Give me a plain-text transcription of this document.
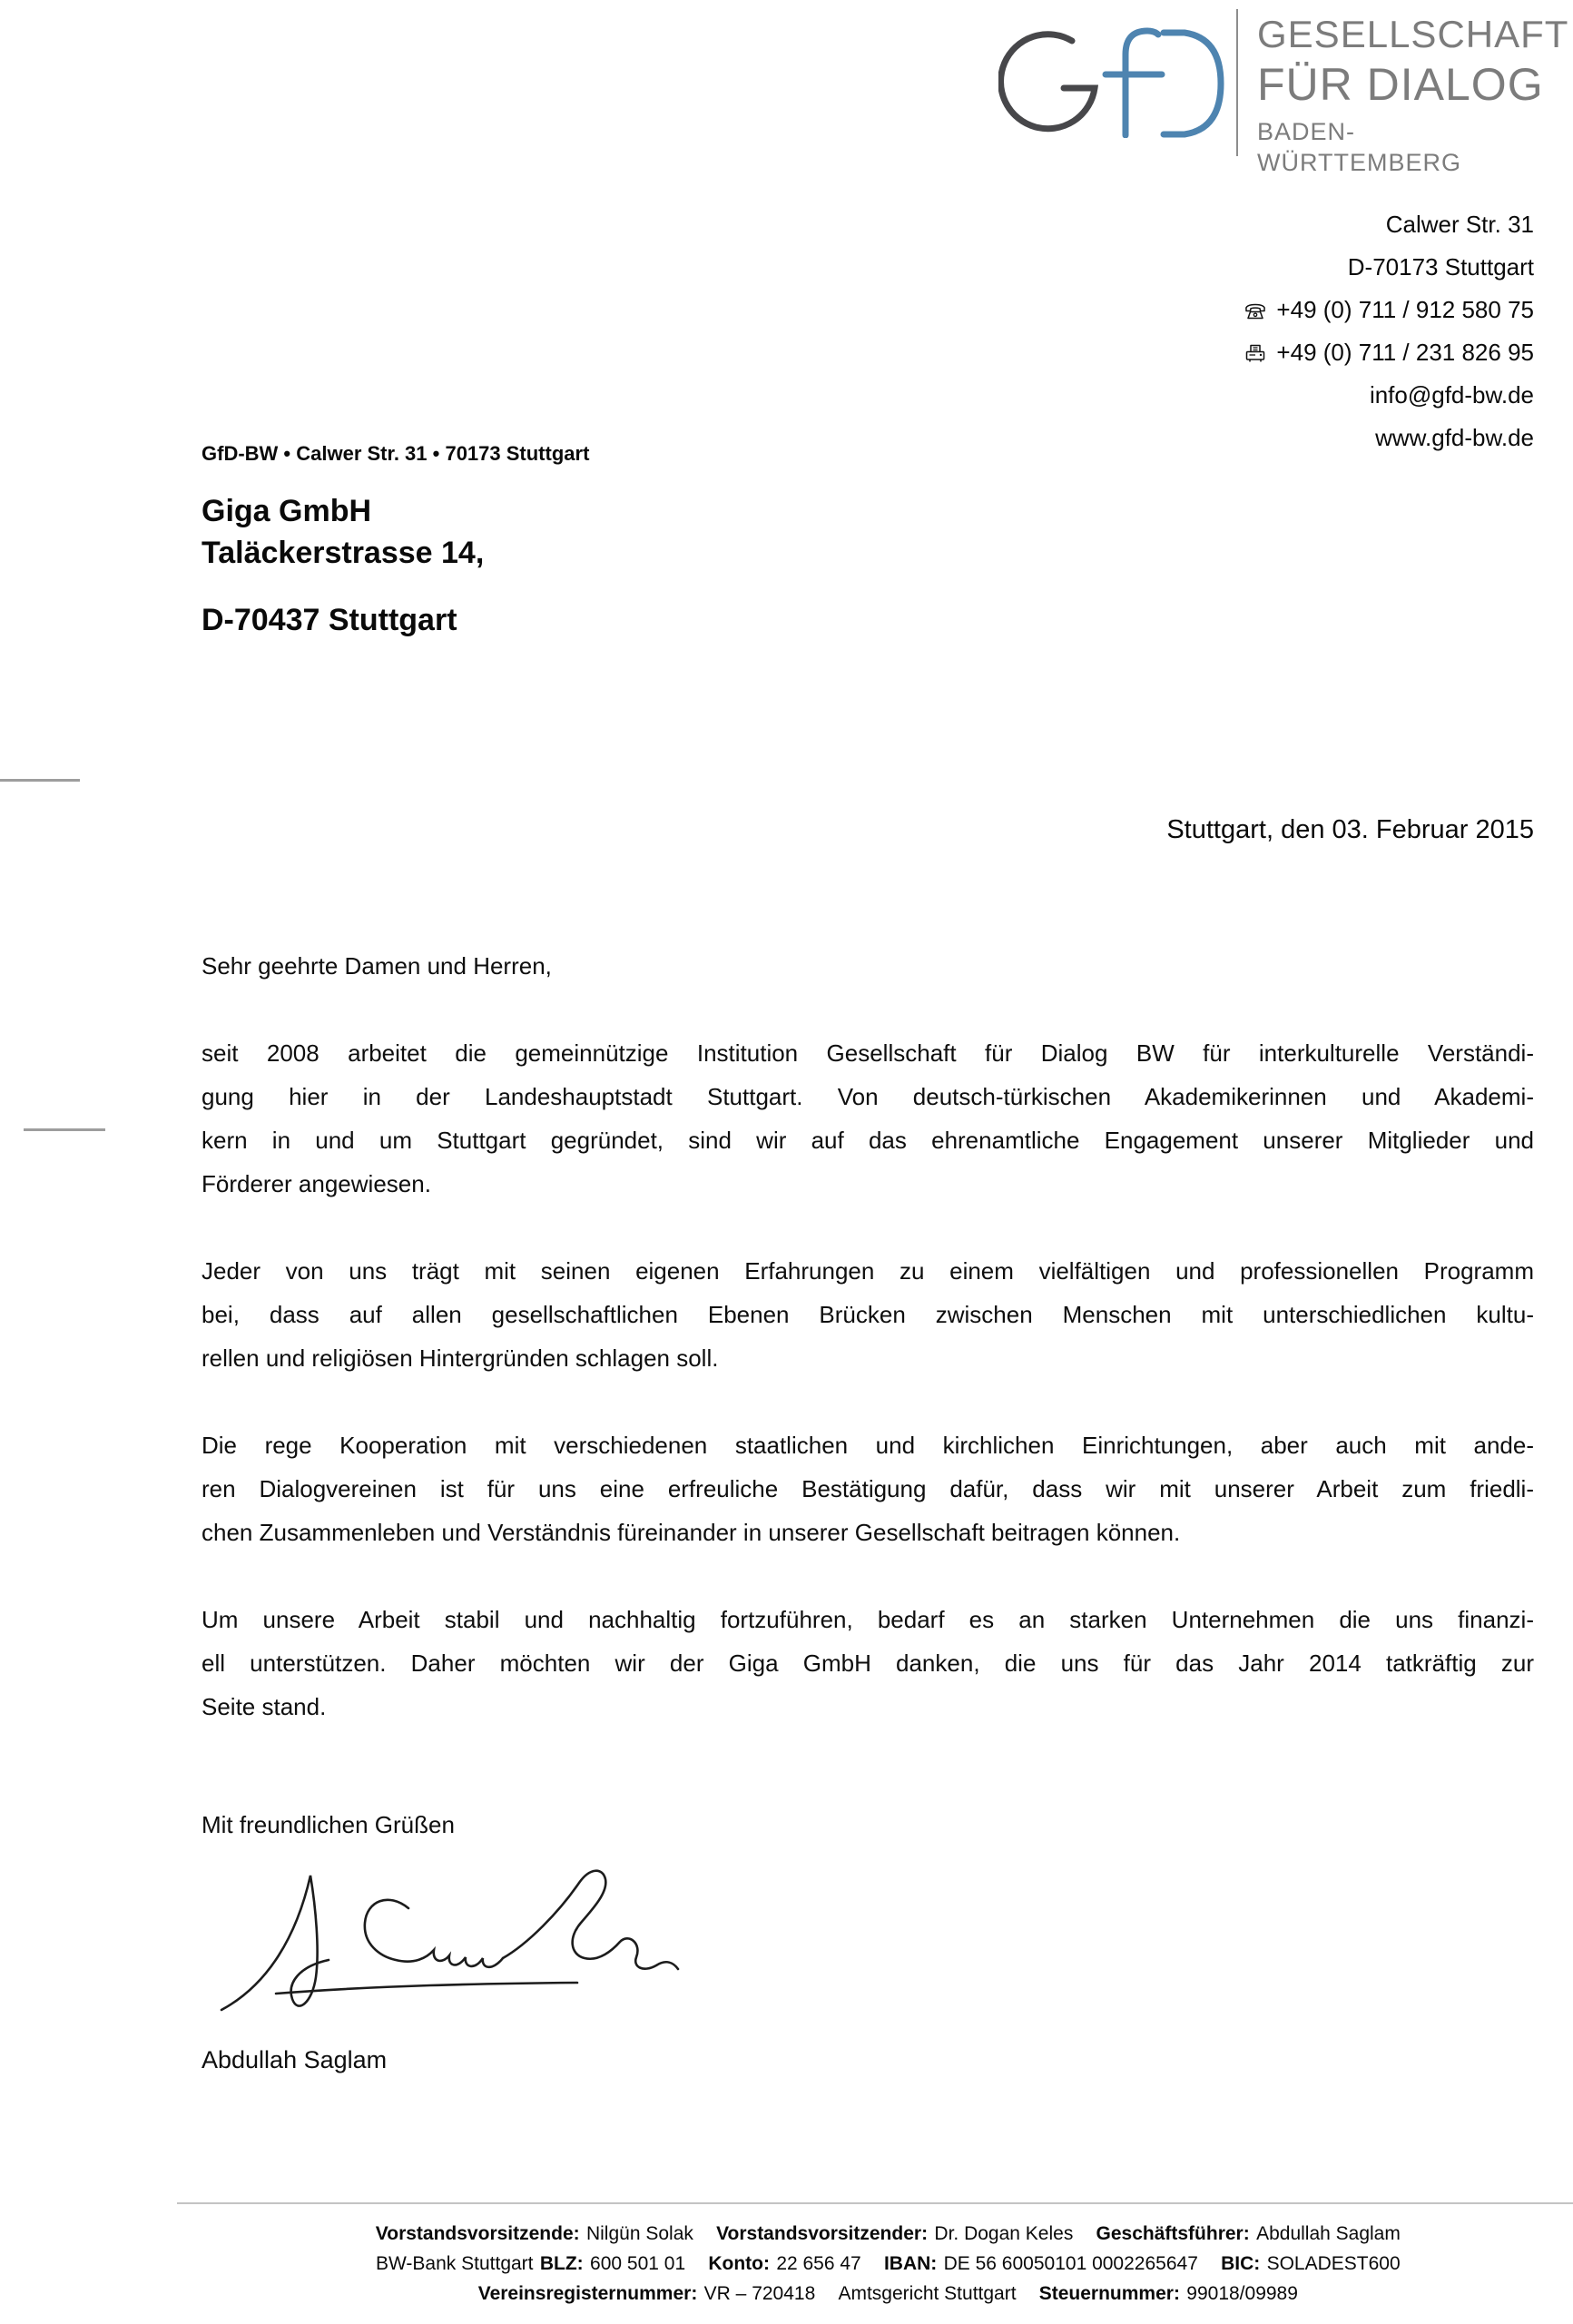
GESELLSCHAFT
FÜR DIALOG
BADEN- WÜRTTEMBERG
Calwer Str. 31
D-70173 Stuttgart
+49 (0) 711 / 912 580 75
+49 (0) 711 / 231 826 95
info@gfd-bw.de
www.gfd-bw.de
GfD-BW • Calwer Str. 31 • 70173 Stuttgart
Giga GmbH
Taläckerstrasse 14,
D-70437 Stuttgart
Stuttgart, den 03. Februar 2015
Sehr geehrte Damen und Herren,
seit 2008 arbeitet die gemeinnützige Institution Gesellschaft für Dialog BW für interkulturelle Verständi-
gung hier in der Landeshauptstadt Stuttgart. Von deutsch-türkischen Akademikerinnen und Akademi-
kern in und um Stuttgart gegründet, sind wir auf das ehrenamtliche Engagement unserer Mitglieder und
Förderer angewiesen.
Jeder von uns trägt mit seinen eigenen Erfahrungen zu einem vielfältigen und professionellen Programm
bei, dass auf allen gesellschaftlichen Ebenen Brücken zwischen Menschen mit unterschiedlichen kultu-
rellen und religiösen Hintergründen schlagen soll.
Die rege Kooperation mit verschiedenen staatlichen und kirchlichen Einrichtungen, aber auch mit ande-
ren Dialogvereinen ist für uns eine erfreuliche Bestätigung dafür, dass wir mit unserer Arbeit zum friedli-
chen Zusammenleben und Verständnis füreinander in unserer Gesellschaft beitragen können.
Um unsere Arbeit stabil und nachhaltig fortzuführen, bedarf es an starken Unternehmen die uns finanzi-
ell unterstützen. Daher möchten wir der Giga GmbH danken, die uns für das Jahr 2014 tatkräftig zur
Seite stand.
Mit freundlichen Grüßen
Abdullah Saglam
Vorstandsvorsitzende: Nilgün Solak Vorstandsvorsitzender: Dr. Dogan Keles Geschäftsführer: Abdullah Saglam
BW-Bank Stuttgart BLZ: 600 501 01 Konto: 22 656 47 IBAN: DE 56 60050101 0002265647 BIC: SOLADEST600
Vereinsregisternummer: VR – 720418 Amtsgericht Stuttgart Steuernummer: 99018/09989
